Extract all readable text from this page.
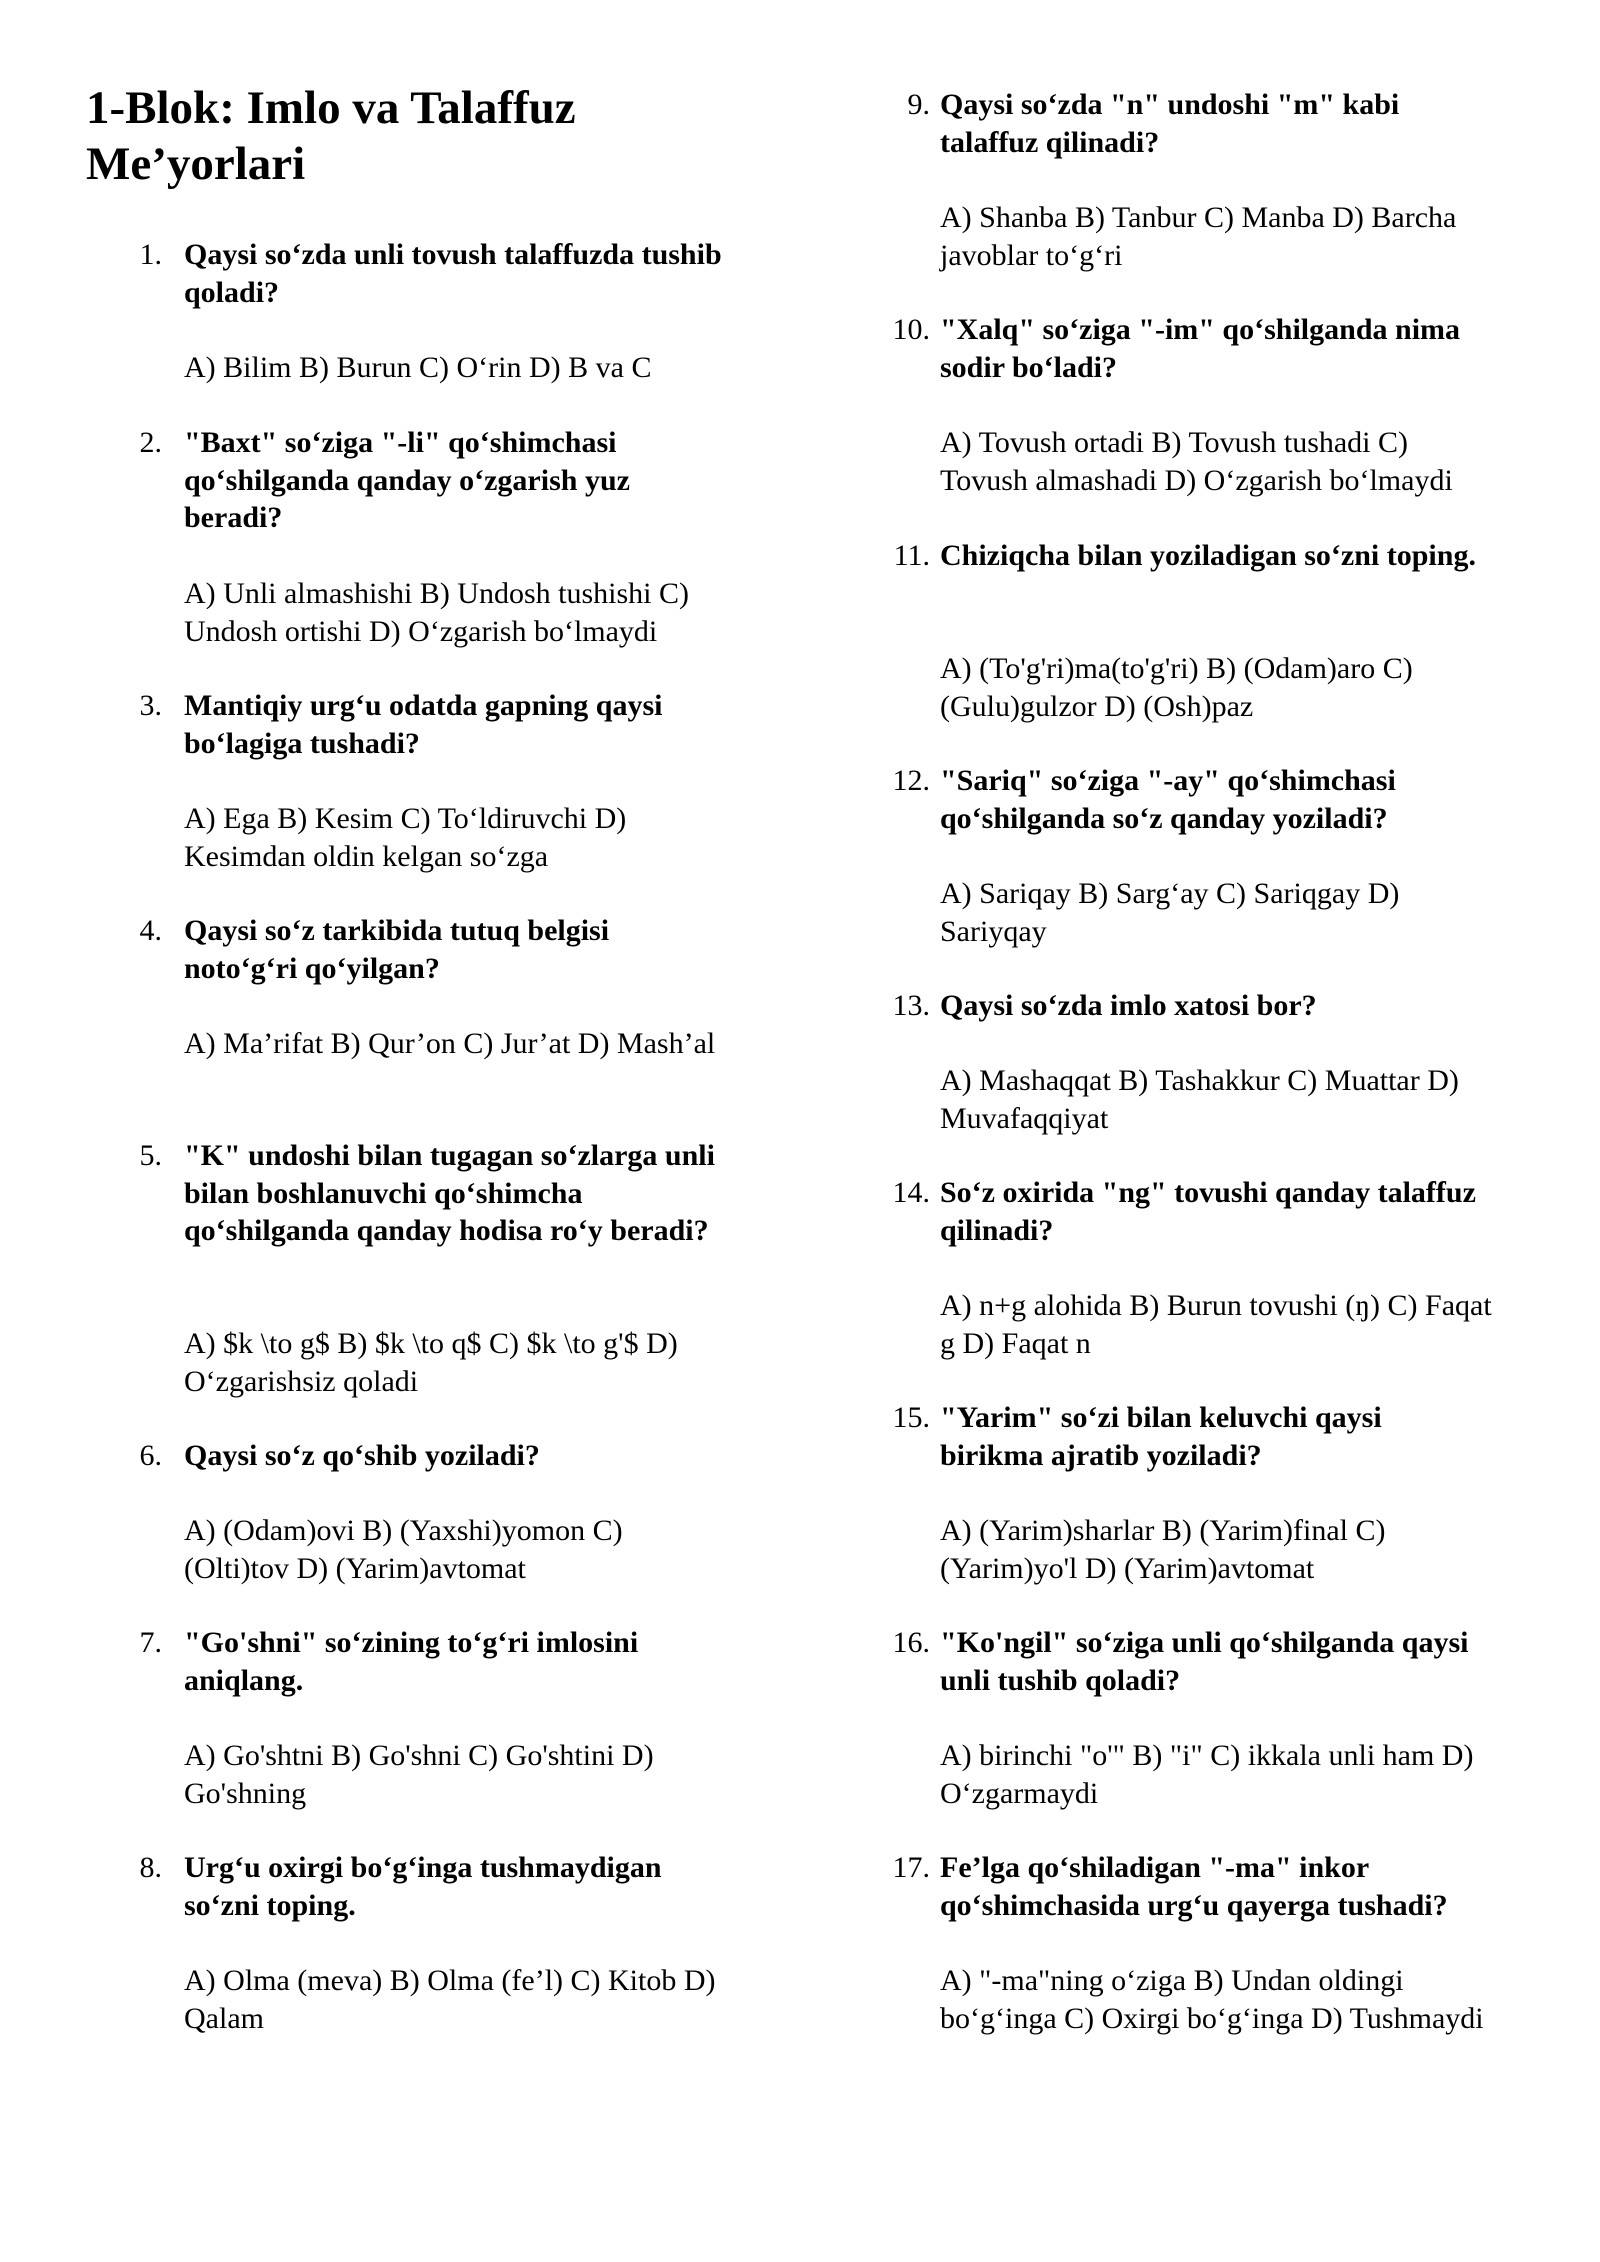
1-Blok: Imlo va Talaffuz Me’yorlari
1. Qaysi so‘zda unli tovush talaffuzda tushib qoladi?
A) Bilim B) Burun C) O‘rin D) B va C
2. "Baxt" so‘ziga "-li" qo‘shimchasi qo‘shilganda qanday o‘zgarish yuz beradi?
A) Unli almashishi B) Undosh tushishi C) Undosh ortishi D) O‘zgarish bo‘lmaydi
3. Mantiqiy urg‘u odatda gapning qaysi bo‘lagiga tushadi?
A) Ega B) Kesim C) To‘ldiruvchi D) Kesimdan oldin kelgan so‘zga
4. Qaysi so‘z tarkibida tutuq belgisi noto‘g‘ri qo‘yilgan?
A) Ma’rifat B) Qur’on C) Jur’at D) Mash’al
5. "K" undoshi bilan tugagan so‘zlarga unli bilan boshlanuvchi qo‘shimcha qo‘shilganda qanday hodisa ro‘y beradi?
A) $k \to g$ B) $k \to q$ C) $k \to g'$ D) O‘zgarishsiz qoladi
6. Qaysi so‘z qo‘shib yoziladi?
A) (Odam)ovi B) (Yaxshi)yomon C) (Olti)tov D) (Yarim)avtomat
7. "Go'shni" so‘zining to‘g‘ri imlosini aniqlang.
A) Go'shtni B) Go'shni C) Go'shtini D) Go'shning
8. Urg‘u oxirgi bo‘g‘inga tushmaydigan so‘zni toping.
A) Olma (meva) B) Olma (fe’l) C) Kitob D) Qalam
9. Qaysi so‘zda "n" undoshi "m" kabi talaffuz qilinadi?
A) Shanba B) Tanbur C) Manba D) Barcha javoblar to‘g‘ri
10. "Xalq" so‘ziga "-im" qo‘shilganda nima sodir bo‘ladi?
A) Tovush ortadi B) Tovush tushadi C) Tovush almashadi D) O‘zgarish bo‘lmaydi
11. Chiziqcha bilan yoziladigan so‘zni toping.
A) (To'g'ri)ma(to'g'ri) B) (Odam)aro C) (Gulu)gulzor D) (Osh)paz
12. "Sariq" so‘ziga "-ay" qo‘shimchasi qo‘shilganda so‘z qanday yoziladi?
A) Sariqay B) Sarg‘ay C) Sariqgay D) Sariyqay
13. Qaysi so‘zda imlo xatosi bor?
A) Mashaqqat B) Tashakkur C) Muattar D) Muvafaqqiyat
14. So‘z oxirida "ng" tovushi qanday talaffuz qilinadi?
A) n+g alohida B) Burun tovushi (ŋ) C) Faqat g D) Faqat n
15. "Yarim" so‘zi bilan keluvchi qaysi birikma ajratib yoziladi?
A) (Yarim)sharlar B) (Yarim)final C) (Yarim)yo'l D) (Yarim)avtomat
16. "Ko'ngil" so‘ziga unli qo‘shilganda qaysi unli tushib qoladi?
A) birinchi "o'" B) "i" C) ikkala unli ham D) O‘zgarmaydi
17. Fe’lga qo‘shiladigan "-ma" inkor qo‘shimchasida urg‘u qayerga tushadi?
A) "-ma"ning o‘ziga B) Undan oldingi bo‘g‘inga C) Oxirgi bo‘g‘inga D) Tushmaydi
